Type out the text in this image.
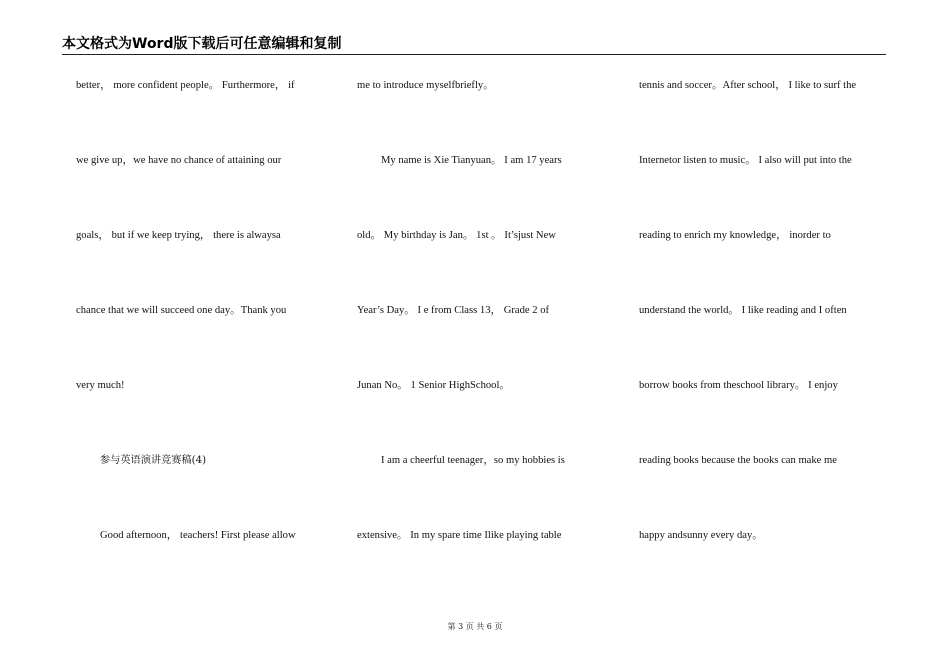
本文格式为Word版下载后可任意编辑和复制
better， more confident people。 Furthermore， if
we give up，we have no chance of attaining our
goals， but if we keep trying， there is alwaysa
chance that we will succeed one day。Thank you
very much!
参与英语演讲竞赛稿(4)
Good afternoon， teachers! First please allow
me to introduce myselfbriefly。
My name is Xie Tianyuan。 I am 17 years
old。 My birthday is Jan。 1st 。 It’sjust New
Year’s Day。 I e from Class 13， Grade 2 of
Junan No。 1 Senior HighSchool。
I am a cheerful teenager，so my hobbies is
extensive。 In my spare time Ilike playing table
tennis and soccer。After school， I like to surf the
Internetor listen to music。 I also will put into the
reading to enrich my knowledge， inorder to
understand the world。 I like reading and I often
borrow books from theschool library。 I enjoy
reading books because the books can make me
happy andsunny every day。
第 3 页 共 6 页
